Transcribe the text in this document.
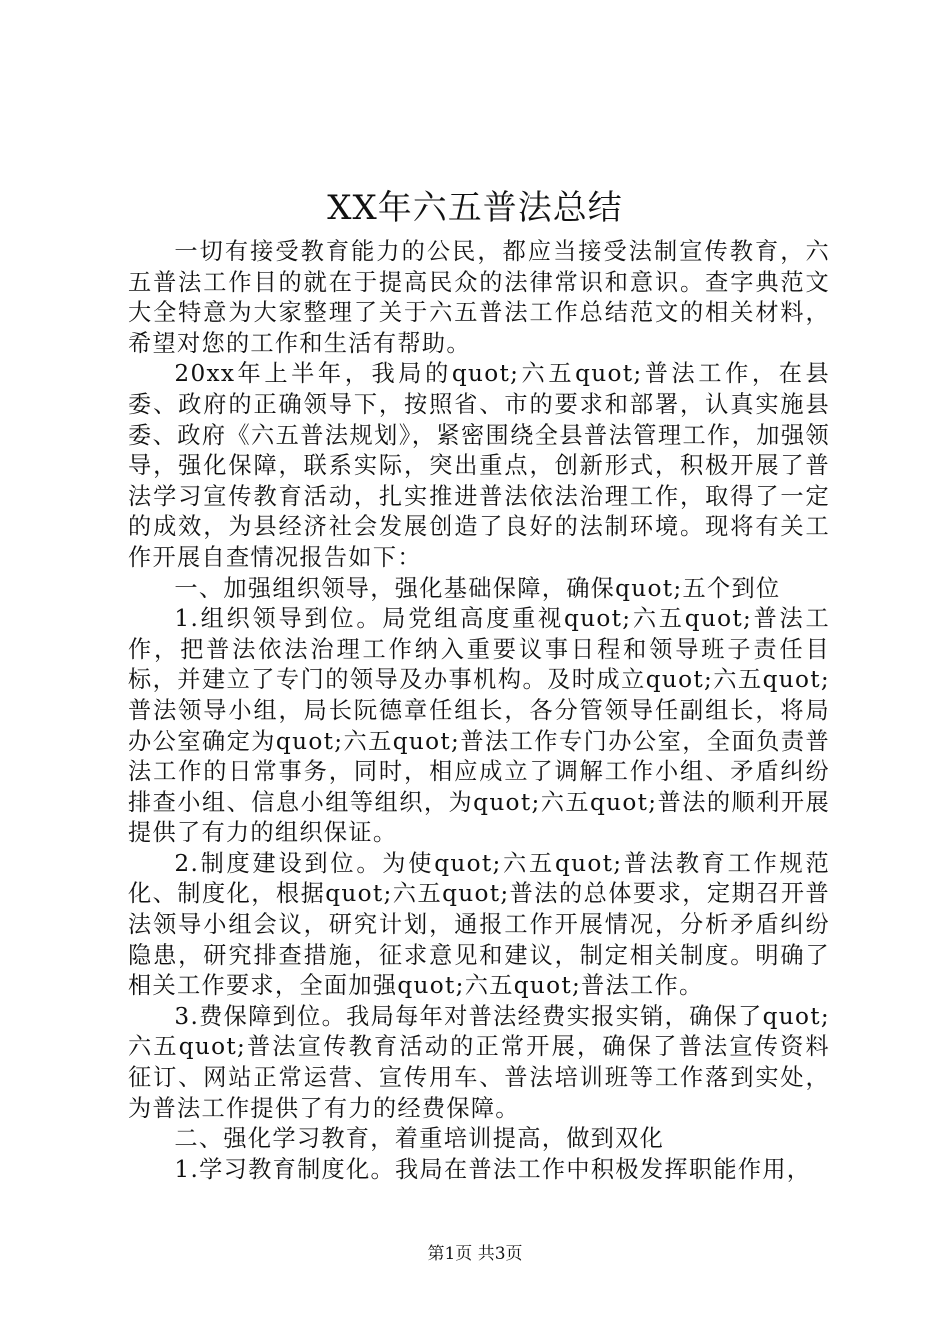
XX年六五普法总结

一切有接受教育能力的公民，都应当接受法制宣传教育，六五普法工作目的就在于提高民众的法律常识和意识。查字典范文大全特意为大家整理了关于六五普法工作总结范文的相关材料，希望对您的工作和生活有帮助。

20xx年上半年，我局的quot;六五quot;普法工作，在县委、政府的正确领导下，按照省、市的要求和部署，认真实施县委、政府《六五普法规划》，紧密围绕全县普法管理工作，加强领导，强化保障，联系实际，突出重点，创新形式，积极开展了普法学习宣传教育活动，扎实推进普法依法治理工作，取得了一定的成效，为县经济社会发展创造了良好的法制环境。现将有关工作开展自查情况报告如下：

一、加强组织领导，强化基础保障，确保quot;五个到位

1.组织领导到位。局党组高度重视quot;六五quot;普法工作，把普法依法治理工作纳入重要议事日程和领导班子责任目标，并建立了专门的领导及办事机构。及时成立quot;六五quot;普法领导小组，局长阮德章任组长，各分管领导任副组长，将局办公室确定为quot;六五quot;普法工作专门办公室，全面负责普法工作的日常事务，同时，相应成立了调解工作小组、矛盾纠纷排查小组、信息小组等组织，为quot;六五quot;普法的顺利开展提供了有力的组织保证。

2.制度建设到位。为使quot;六五quot;普法教育工作规范化、制度化，根据quot;六五quot;普法的总体要求，定期召开普法领导小组会议，研究计划，通报工作开展情况，分析矛盾纠纷隐患，研究排查措施，征求意见和建议，制定相关制度。明确了相关工作要求，全面加强quot;六五quot;普法工作。

3.费保障到位。我局每年对普法经费实报实销，确保了quot;六五quot;普法宣传教育活动的正常开展，确保了普法宣传资料征订、网站正常运营、宣传用车、普法培训班等工作落到实处，为普法工作提供了有力的经费保障。

二、强化学习教育，着重培训提高，做到双化

1.学习教育制度化。我局在普法工作中积极发挥职能作用，

第1页 共3页
